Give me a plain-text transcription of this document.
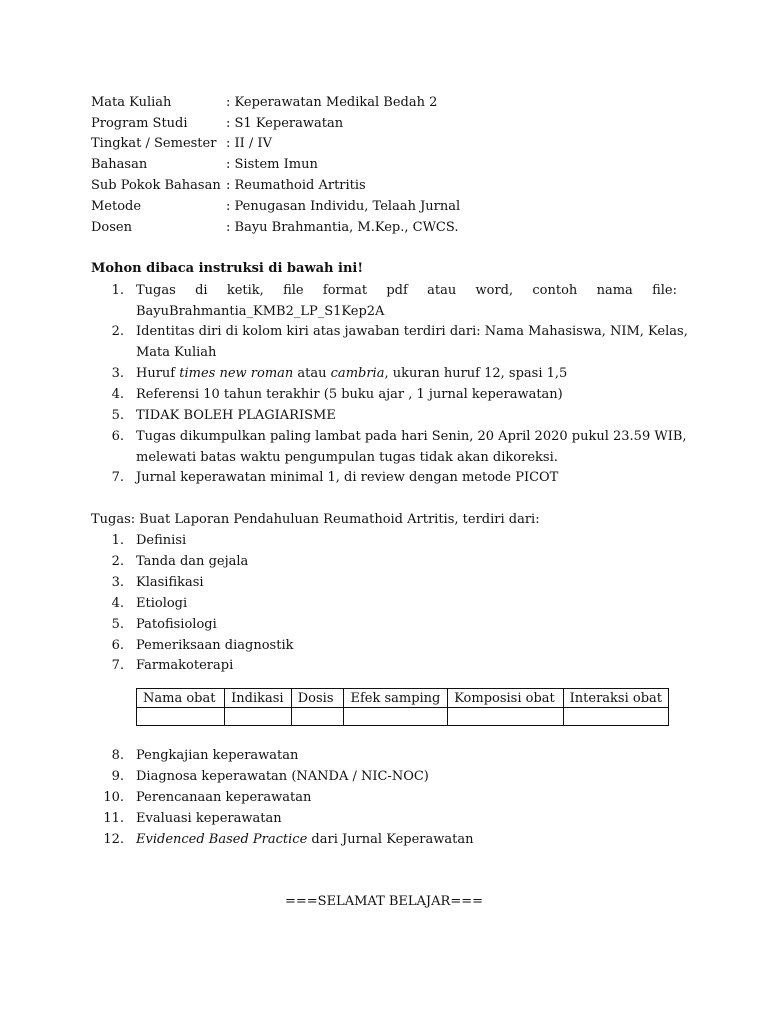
Mata Kuliah	: Keperawatan Medikal Bedah 2
Program Studi	: S1 Keperawatan
Tingkat / Semester : II / IV
Bahasan	: Sistem Imun
Sub Pokok Bahasan : Reumathoid Artritis
Metode	: Penugasan Individu, Telaah Jurnal
Dosen	: Bayu Brahmantia, M.Kep., CWCS.
Mohon dibaca instruksi di bawah ini!
1. Tugas di ketik, file format pdf atau word, contoh nama file:
BayuBrahmantia_KMB2_LP_S1Kep2A
2. Identitas diri di kolom kiri atas jawaban terdiri dari: Nama Mahasiswa, NIM, Kelas,
Mata Kuliah
3. Huruf times new roman atau cambria, ukuran huruf 12, spasi 1,5
4. Referensi 10 tahun terakhir (5 buku ajar , 1 jurnal keperawatan)
5. TIDAK BOLEH PLAGIARISME
6. Tugas dikumpulkan paling lambat pada hari Senin, 20 April 2020 pukul 23.59 WIB,
melewati batas waktu pengumpulan tugas tidak akan dikoreksi.
7. Jurnal keperawatan minimal 1, di review dengan metode PICOT
Tugas: Buat Laporan Pendahuluan Reumathoid Artritis, terdiri dari:
1. Definisi
2. Tanda dan gejala
3. Klasifikasi
4. Etiologi
5. Patofisiologi
6. Pemeriksaan diagnostik
7. Farmakoterapi
Nama obat	Indikasi	Dosis	Efek samping	Komposisi obat	Interaksi obat

8. Pengkajian keperawatan
9. Diagnosa keperawatan (NANDA / NIC-NOC)
10. Perencanaan keperawatan
11. Evaluasi keperawatan
12. Evidenced Based Practice dari Jurnal Keperawatan
===SELAMAT BELAJAR===
